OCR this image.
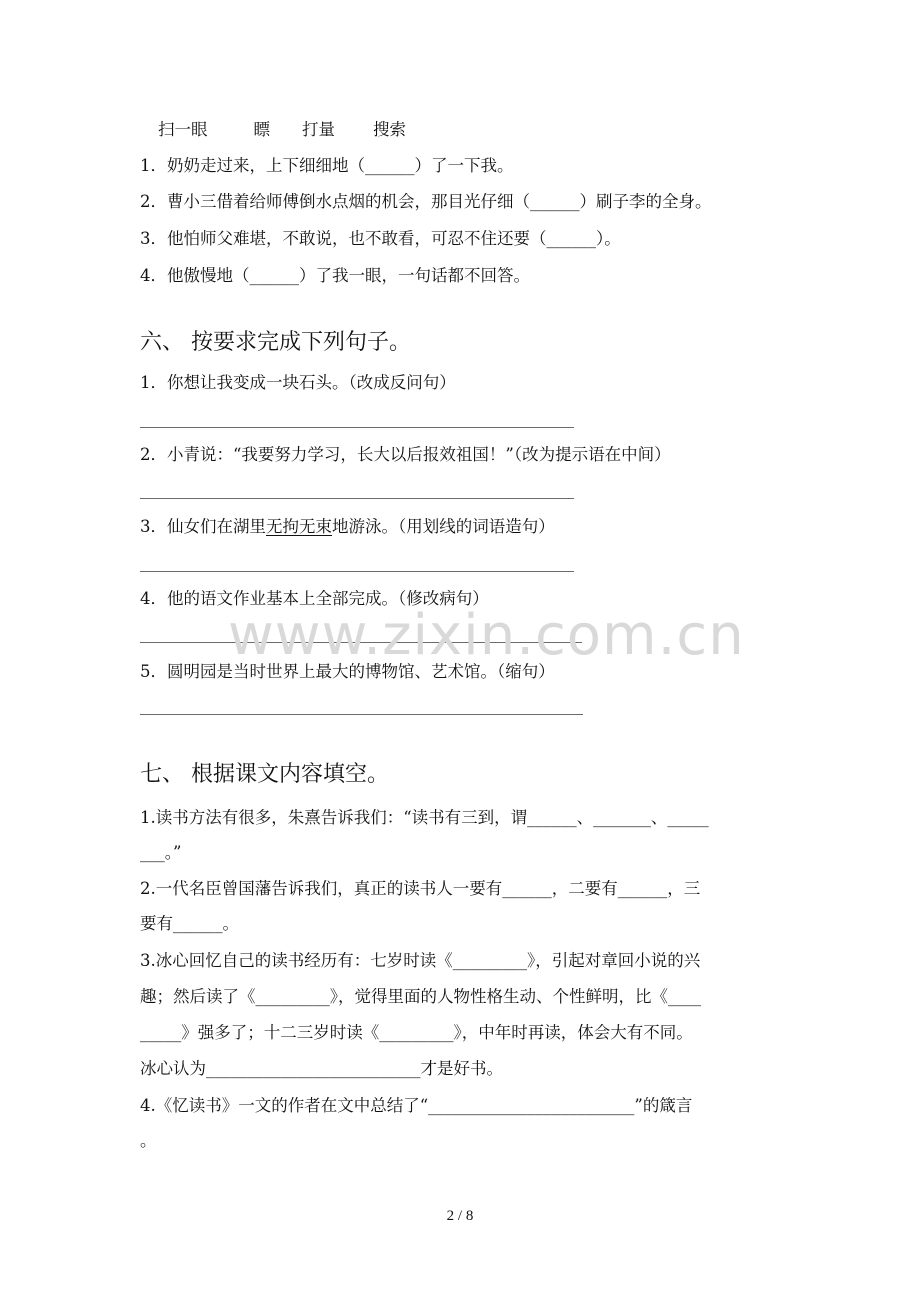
扫一眼	瞟 打量 搜索
1．奶奶走过来，上下细细地（______）了一下我。
2．曹小三借着给师傅倒水点烟的机会，那目光仔细（______）刷子李的全身。
3．他怕师父难堪，不敢说，也不敢看，可忍不住还要（______）。
4．他傲慢地（______）了我一眼，一句话都不回答。
六、 按要求完成下列句子。
1．你想让我变成一块石头。（改成反问句）
2．小青说：“我要努力学习，长大以后报效祖国！”（改为提示语在中间）
3．仙女们在湖里无拘无束地游泳。（用划线的词语造句）
4．他的语文作业基本上全部完成。（修改病句）
5．圆明园是当时世界上最大的博物馆、艺术馆。（缩句）
七、 根据课文内容填空。
1.读书方法有很多，朱熹告诉我们：“读书有三到，谓______、_______、_____
___。”
2.一代名臣曾国藩告诉我们，真正的读书人一要有______，二要有______，三
要有______。
3.冰心回忆自己的读书经历有：七岁时读《_________》，引起对章回小说的兴
趣；然后读了《_________》，觉得里面的人物性格生动、个性鲜明，比《____
_____》强多了；十二三岁时读《_________》，中年时再读，体会大有不同。
冰心认为__________________________才是好书。
4.《忆读书》一文的作者在文中总结了“_________________________”的箴言
。
www.zixin.com.cn
2 / 8
